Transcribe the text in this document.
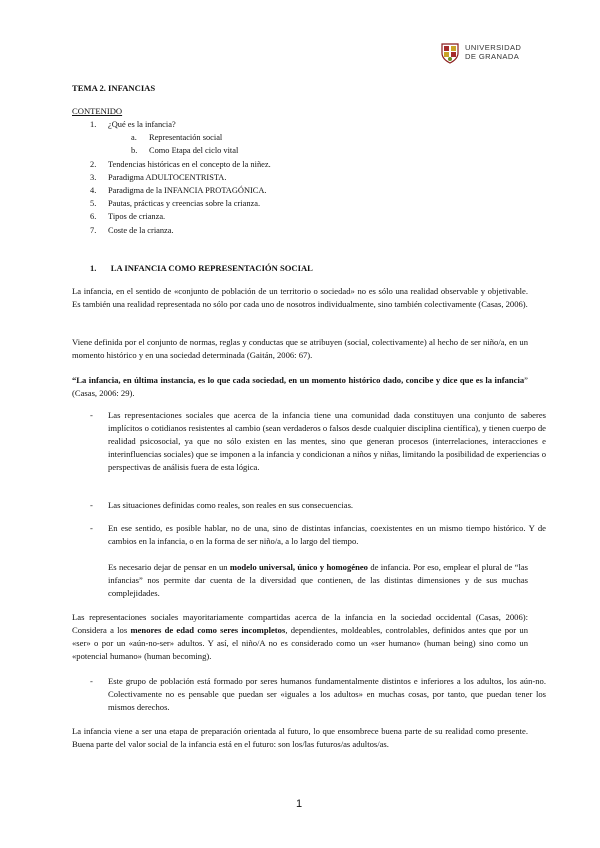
UNIVERSIDAD
DE GRANADA

TEMA 2. INFANCIAS

CONTENIDO

1. ¿Qué es la infancia?
a. Representación social
b. Como Etapa del ciclo vital
2. Tendencias históricas en el concepto de la niñez.
3. Paradigma ADULTOCENTRISTA.
4. Paradigma de la INFANCIA PROTAGÓNICA.
5. Pautas, prácticas y creencias sobre la crianza.
6. Tipos de crianza.
7. Coste de la crianza.
1. LA INFANCIA COMO REPRESENTACIÓN SOCIAL

La infancia, en el sentido de «conjunto de población de un territorio o sociedad» no es sólo una realidad observable y objetivable. Es también una realidad representada no sólo por cada uno de nosotros individualmente, sino también colectivamente (Casas, 2006).

Viene definida por el conjunto de normas, reglas y conductas que se atribuyen (social, colectivamente) al hecho de ser niño/a, en un momento histórico y en una sociedad determinada (Gaitán, 2006: 67).

“La infancia, en última instancia, es lo que cada sociedad, en un momento histórico dado, concibe y dice que es la infancia” (Casas, 2006: 29).

- Las representaciones sociales que acerca de la infancia tiene una comunidad dada constituyen una conjunto de saberes implícitos o cotidianos resistentes al cambio (sean verdaderos o falsos desde cualquier disciplina científica), y tienen cuerpo de realidad psicosocial, ya que no sólo existen en las mentes, sino que generan procesos (interrelaciones, interacciones e interinfluencias sociales) que se imponen a la infancia y condicionan a niños y niñas, limitando la posibilidad de experiencias o perspectivas de análisis fuera de esta lógica.
- Las situaciones definidas como reales, son reales en sus consecuencias.
- En ese sentido, es posible hablar, no de una, sino de distintas infancias, coexistentes en un mismo tiempo histórico. Y de cambios en la infancia, o en la forma de ser niño/a, a lo largo del tiempo.

Es necesario dejar de pensar en un modelo universal, único y homogéneo de infancia. Por eso, emplear el plural de “las infancias” nos permite dar cuenta de la diversidad que contienen, de las distintas dimensiones y de sus muchas complejidades.

Las representaciones sociales mayoritariamente compartidas acerca de la infancia en la sociedad occidental (Casas, 2006): Considera a los menores de edad como seres incompletos, dependientes, moldeables, controlables, definidos antes que por un «ser» o por un «aún-no-ser» adultos. Y así, el niño/A no es considerado como un «ser humano» (human being) sino como un «potencial humano» (human becoming).

- Este grupo de población está formado por seres humanos fundamentalmente distintos e inferiores a los adultos, los aún-no. Colectivamente no es pensable que puedan ser «iguales a los adultos» en muchas cosas, por tanto, que puedan tener los mismos derechos.

La infancia viene a ser una etapa de preparación orientada al futuro, lo que ensombrece buena parte de su realidad como presente. Buena parte del valor social de la infancia está en el futuro: son los/las futuros/as adultos/as.

1
